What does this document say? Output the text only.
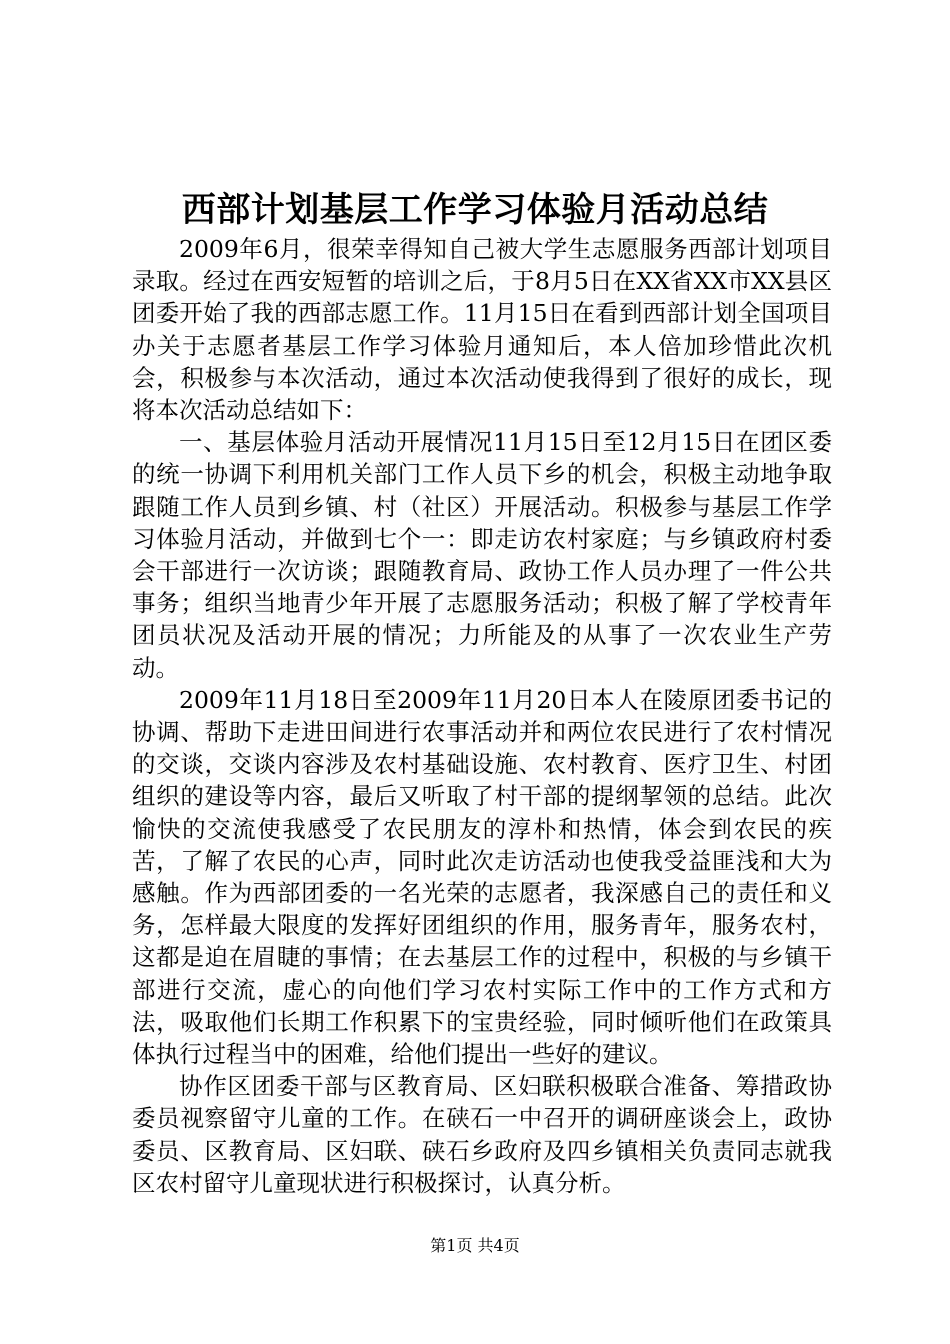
西部计划基层工作学习体验月活动总结

2009年6月，很荣幸得知自己被大学生志愿服务西部计划项目录取。经过在西安短暂的培训之后，于8月5日在XX省XX市XX县区团委开始了我的西部志愿工作。11月15日在看到西部计划全国项目办关于志愿者基层工作学习体验月通知后，本人倍加珍惜此次机会，积极参与本次活动，通过本次活动使我得到了很好的成长，现将本次活动总结如下：

一、基层体验月活动开展情况11月15日至12月15日在团区委的统一协调下利用机关部门工作人员下乡的机会，积极主动地争取跟随工作人员到乡镇、村（社区）开展活动。积极参与基层工作学习体验月活动，并做到七个一：即走访农村家庭；与乡镇政府村委会干部进行一次访谈；跟随教育局、政协工作人员办理了一件公共事务；组织当地青少年开展了志愿服务活动；积极了解了学校青年团员状况及活动开展的情况；力所能及的从事了一次农业生产劳动。

2009年11月18日至2009年11月20日本人在陵原团委书记的协调、帮助下走进田间进行农事活动并和两位农民进行了农村情况的交谈，交谈内容涉及农村基础设施、农村教育、医疗卫生、村团组织的建设等内容，最后又听取了村干部的提纲挈领的总结。此次愉快的交流使我感受了农民朋友的淳朴和热情，体会到农民的疾苦，了解了农民的心声，同时此次走访活动也使我受益匪浅和大为感触。作为西部团委的一名光荣的志愿者，我深感自己的责任和义务，怎样最大限度的发挥好团组织的作用，服务青年，服务农村，这都是迫在眉睫的事情；在去基层工作的过程中，积极的与乡镇干部进行交流，虚心的向他们学习农村实际工作中的工作方式和方法，吸取他们长期工作积累下的宝贵经验，同时倾听他们在政策具体执行过程当中的困难，给他们提出一些好的建议。

协作区团委干部与区教育局、区妇联积极联合准备、筹措政协委员视察留守儿童的工作。在硖石一中召开的调研座谈会上，政协委员、区教育局、区妇联、硖石乡政府及四乡镇相关负责同志就我区农村留守儿童现状进行积极探讨，认真分析。

第1页 共4页
